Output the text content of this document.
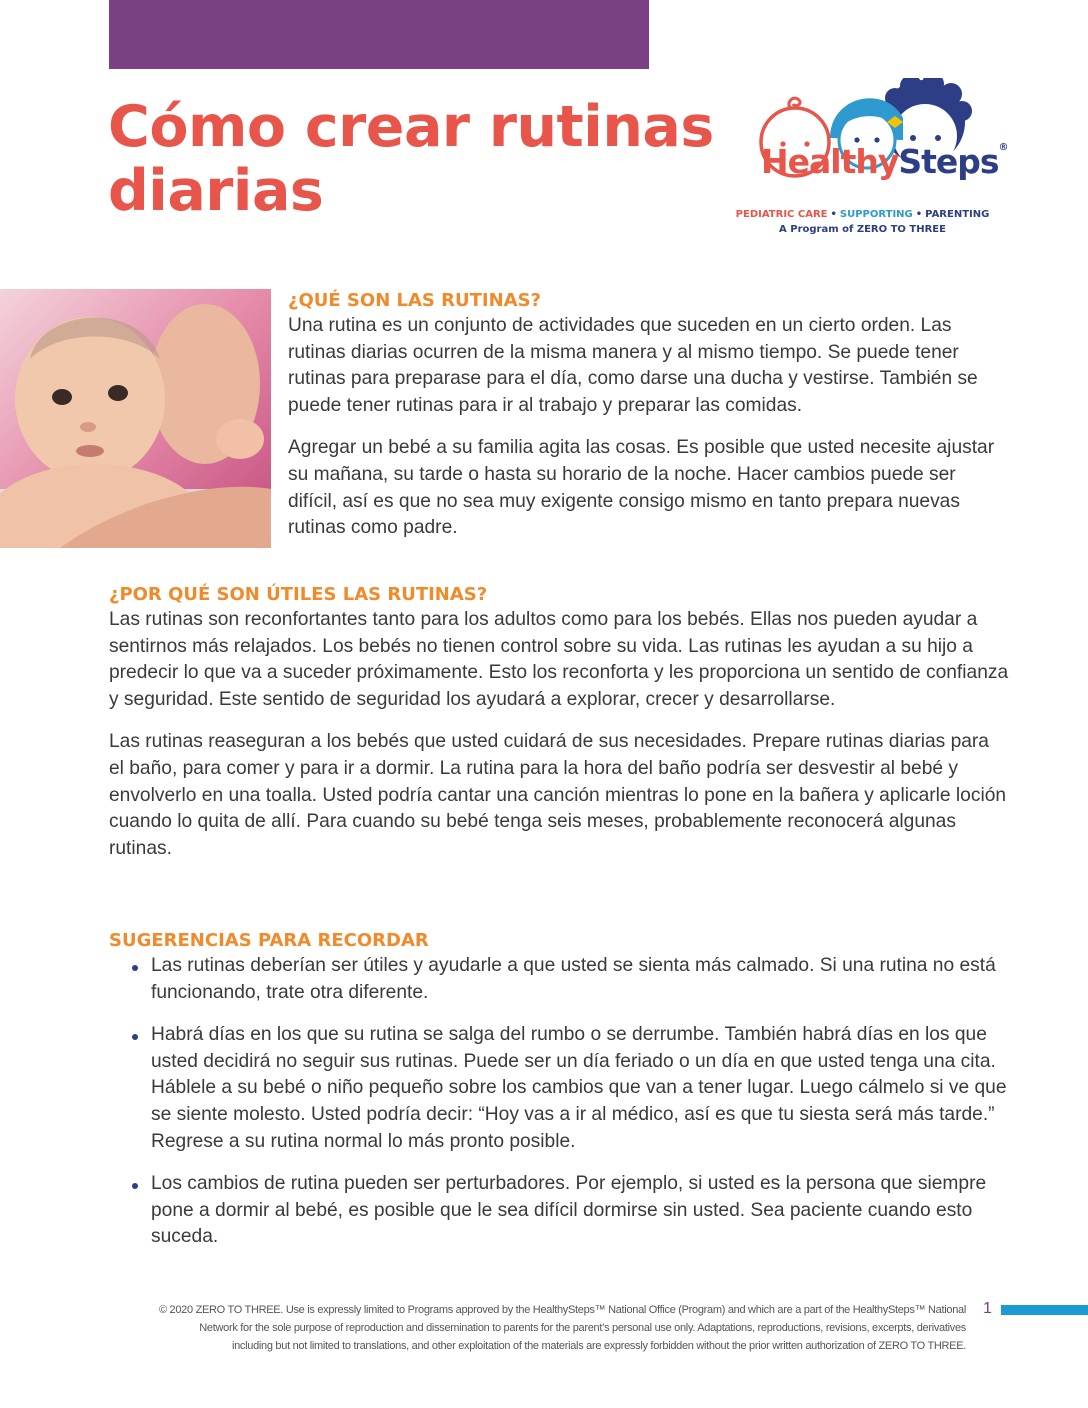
Cómo crear rutinas
diarias	HealthySteps®
PEDIATRIC CARE • SUPPORTING • PARENTING
A Program of ZERO TO THREE
¿QUÉ SON LAS RUTINAS?

Una rutina es un conjunto de actividades que suceden en un cierto orden. Las rutinas diarias ocurren de la misma manera y al mismo tiempo. Se puede tener rutinas para preparase para el día, como darse una ducha y vestirse. También se puede tener rutinas para ir al trabajo y preparar las comidas.

Agregar un bebé a su familia agita las cosas. Es posible que usted necesite ajustar su mañana, su tarde o hasta su horario de la noche. Hacer cambios puede ser difícil, así es que no sea muy exigente consigo mismo en tanto prepara nuevas rutinas como padre.

¿POR QUÉ SON ÚTILES LAS RUTINAS?

Las rutinas son reconfortantes tanto para los adultos como para los bebés. Ellas nos pueden ayudar a sentirnos más relajados. Los bebés no tienen control sobre su vida. Las rutinas les ayudan a su hijo a predecir lo que va a suceder próximamente. Esto los reconforta y les proporciona un sentido de confianza y seguridad. Este sentido de seguridad los ayudará a explorar, crecer y desarrollarse.

Las rutinas reaseguran a los bebés que usted cuidará de sus necesidades. Prepare rutinas diarias para el baño, para comer y para ir a dormir. La rutina para la hora del baño podría ser desvestir al bebé y envolverlo en una toalla. Usted podría cantar una canción mientras lo pone en la bañera y aplicarle loción cuando lo quita de allí. Para cuando su bebé tenga seis meses, probablemente reconocerá algunas rutinas.

SUGERENCIAS PARA RECORDAR
Las rutinas deberían ser útiles y ayudarle a que usted se sienta más calmado. Si una rutina no está funcionando, trate otra diferente.
Habrá días en los que su rutina se salga del rumbo o se derrumbe. También habrá días en los que usted decidirá no seguir sus rutinas. Puede ser un día feriado o un día en que usted tenga una cita. Háblele a su bebé o niño pequeño sobre los cambios que van a tener lugar. Luego cálmelo si ve que se siente molesto. Usted podría decir: “Hoy vas a ir al médico, así es que tu siesta será más tarde.” Regrese a su rutina normal lo más pronto posible.
Los cambios de rutina pueden ser perturbadores. Por ejemplo, si usted es la persona que siempre pone a dormir al bebé, es posible que le sea difícil dormirse sin usted. Sea paciente cuando esto suceda.

© 2020 ZERO TO THREE. Use is expressly limited to Programs approved by the HealthySteps™ National Office (Program) and which are a part of the HealthySteps™ National

Network for the sole purpose of reproduction and dissemination to parents for the parent’s personal use only. Adaptations, reproductions, revisions, excerpts, derivatives

including but not limited to translations, and other exploitation of the materials are expressly forbidden without the prior written authorization of ZERO TO THREE.

1
